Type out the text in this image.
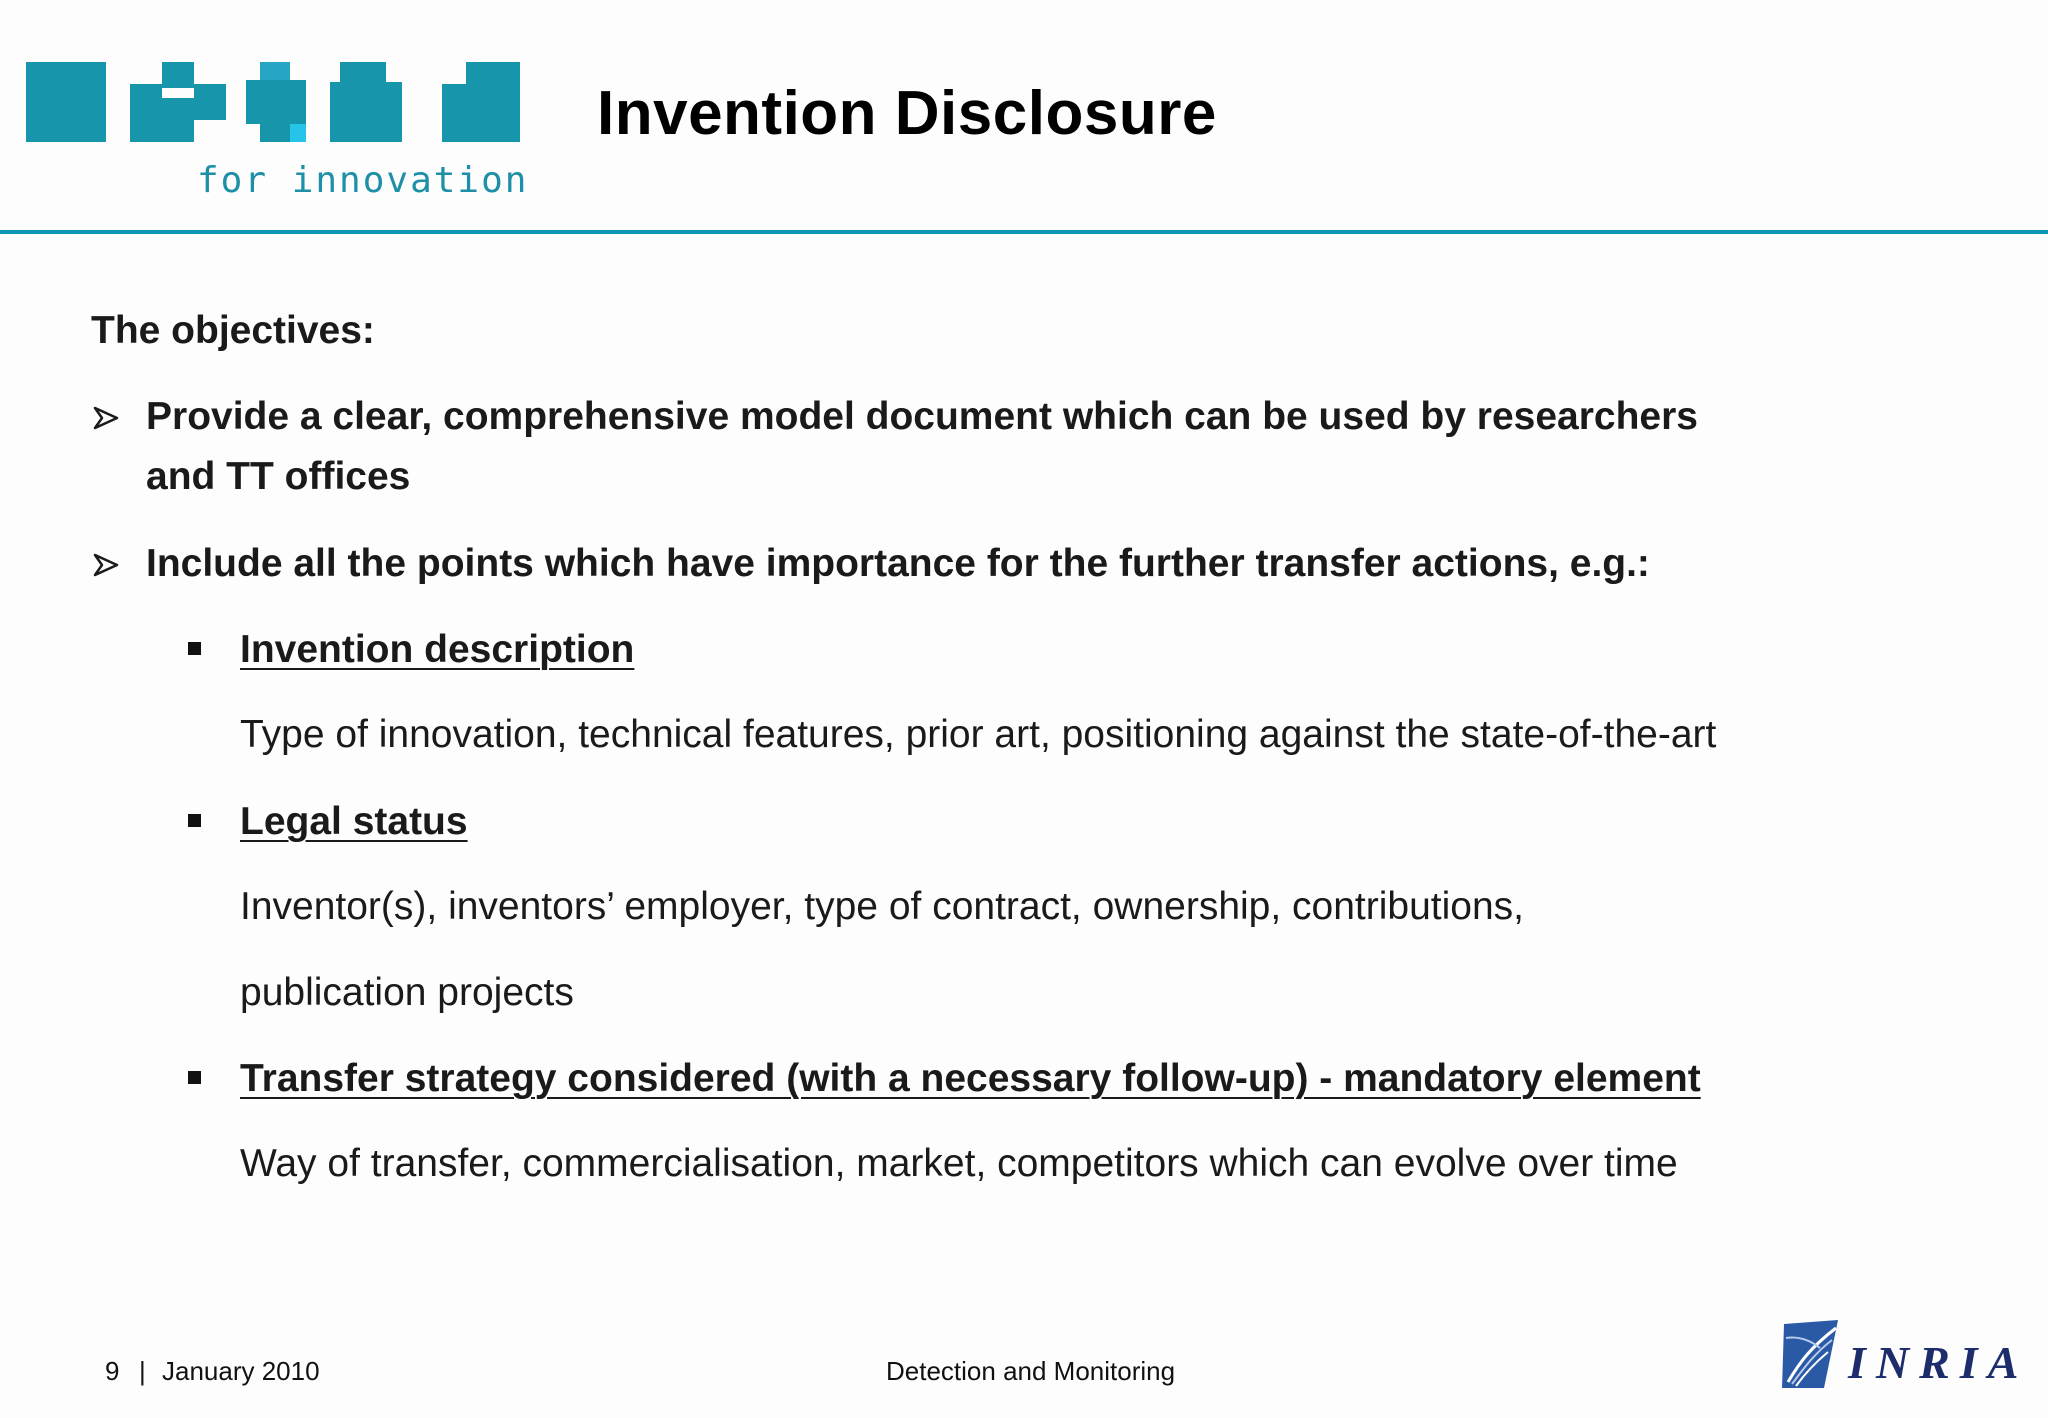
for innovation
Invention Disclosure
The objectives:
Provide a clear, comprehensive model document which can be used by researchers
and TT offices
Include all the points which have importance for the further transfer actions, e.g.:
Invention description
Type of innovation, technical features, prior art, positioning against the state-of-the-art
Legal status
Inventor(s), inventors’ employer, type of contract, ownership, contributions,
publication projects
Transfer strategy considered (with a necessary follow-up) - mandatory element
Way of transfer, commercialisation, market, competitors which can evolve over time
9 | January 2010	Detection and Monitoring	INRIA
